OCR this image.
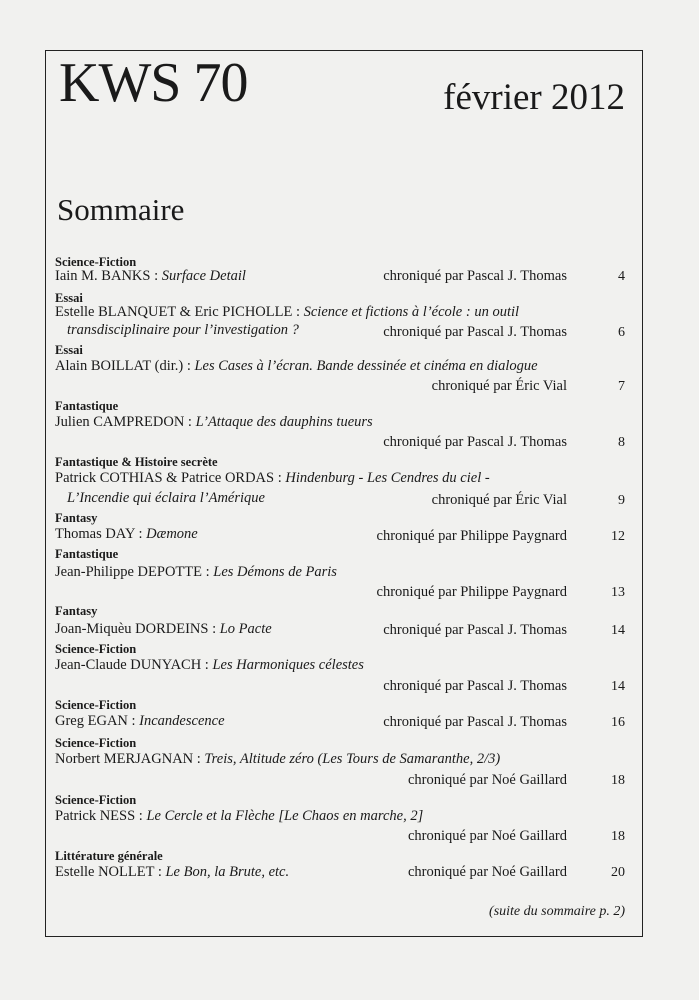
KWS 70	février 2012
Sommaire
Science-Fiction
Iain M. BANKS : Surface Detail	chroniqué par Pascal J. Thomas	4
Essai
Estelle BLANQUET & Eric PICHOLLE : Science et fictions à l’école : un outil
transdisciplinaire pour l’investigation ?	chroniqué par Pascal J. Thomas	6
Essai
Alain BOILLAT (dir.) : Les Cases à l’écran. Bande dessinée et cinéma en dialogue
chroniqué par Éric Vial	7
Fantastique
Julien CAMPREDON : L’Attaque des dauphins tueurs
chroniqué par Pascal J. Thomas	8
Fantastique & Histoire secrète
Patrick COTHIAS & Patrice ORDAS : Hindenburg - Les Cendres du ciel -
L’Incendie qui éclaira l’Amérique	chroniqué par Éric Vial	9
Fantasy
Thomas DAY : Dæmone	chroniqué par Philippe Paygnard	12
Fantastique
Jean-Philippe DEPOTTE : Les Démons de Paris
chroniqué par Philippe Paygnard	13
Fantasy
Joan-Miquèu DORDEINS : Lo Pacte	chroniqué par Pascal J. Thomas	14
Science-Fiction
Jean-Claude DUNYACH : Les Harmoniques célestes
chroniqué par Pascal J. Thomas	14
Science-Fiction
Greg EGAN : Incandescence	chroniqué par Pascal J. Thomas	16
Science-Fiction
Norbert MERJAGNAN : Treis, Altitude zéro (Les Tours de Samaranthe, 2/3)
chroniqué par Noé Gaillard	18
Science-Fiction
Patrick NESS : Le Cercle et la Flèche [Le Chaos en marche, 2]
chroniqué par Noé Gaillard	18
Littérature générale
Estelle NOLLET : Le Bon, la Brute, etc.	chroniqué par Noé Gaillard	20
(suite du sommaire p. 2)
